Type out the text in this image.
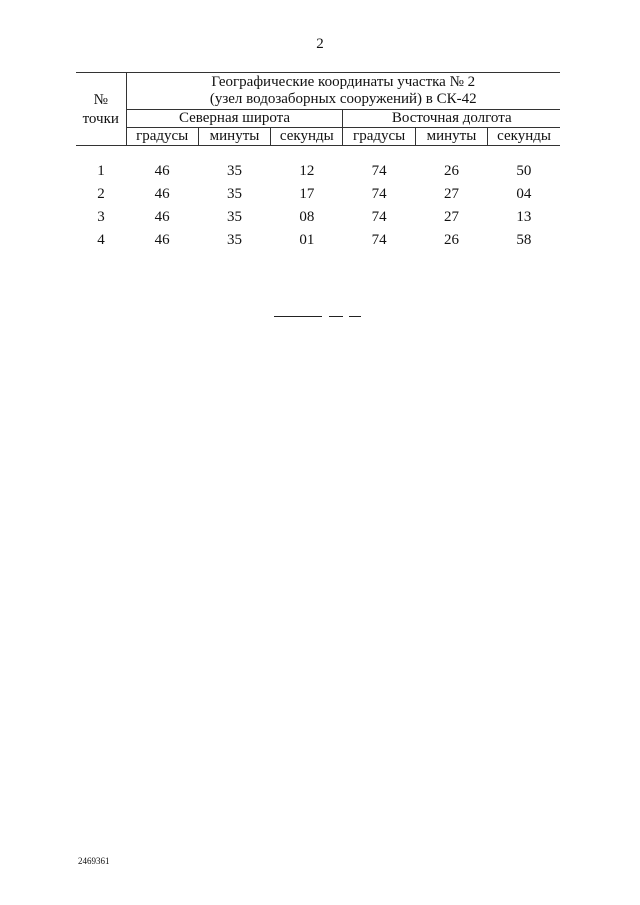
2
№
точки	Географические координаты участка № 2
(узел водозаборных сооружений) в СК-42					

	Северная широта			Восточная долгота		
	градусы	минуты	секунды	градусы	минуты	секунды

1	46	35	12	74	26	50
2	46	35	17	74	27	04
3	46	35	08	74	27	13
4	46	35	01	74	26	58
2469361
